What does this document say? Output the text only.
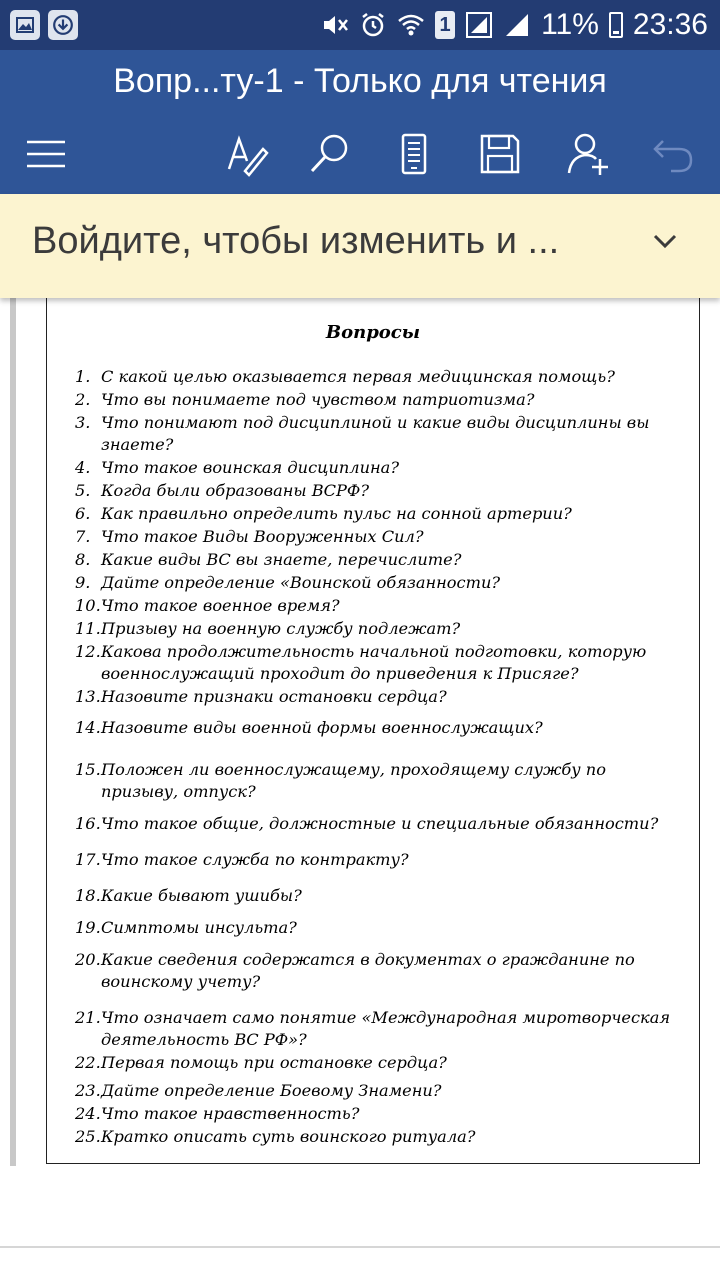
1	11% 23:36
Вопр...ту-1 - Только для чтения
Войдите, чтобы изменить и ...
Вопросы
1. С какой целью оказывается первая медицинская помощь?
2. Что вы понимаете под чувством патриотизма?
3. Что понимают под дисциплиной и какие виды дисциплины вы знаете?
4. Что такое воинская дисциплина?
5. Когда были образованы ВСРФ?
6. Как правильно определить пульс на сонной артерии?
7. Что такое Виды Вооруженных Сил?
8. Какие виды ВС вы знаете, перечислите?
9. Дайте определение «Воинской обязанности?
10. Что такое военное время?
11. Призыву на военную службу подлежат?
12. Какова продолжительность начальной подготовки, которую военнослужащий проходит до приведения к Присяге?
13. Назовите признаки остановки сердца?
14. Назовите виды военной формы военнослужащих?
15. Положен ли военнослужащему, проходящему службу по призыву, отпуск?
16. Что такое общие, должностные и специальные обязанности?
17. Что такое служба по контракту?
18. Какие бывают ушибы?
19. Симптомы инсульта?
20. Какие сведения содержатся в документах о гражданине по воинскому учету?
21. Что означает само понятие «Международная миротворческая деятельность ВС РФ»?
22. Первая помощь при остановке сердца?
23. Дайте определение Боевому Знамени?
24. Что такое нравственность?
25. Кратко описать суть воинского ритуала?
